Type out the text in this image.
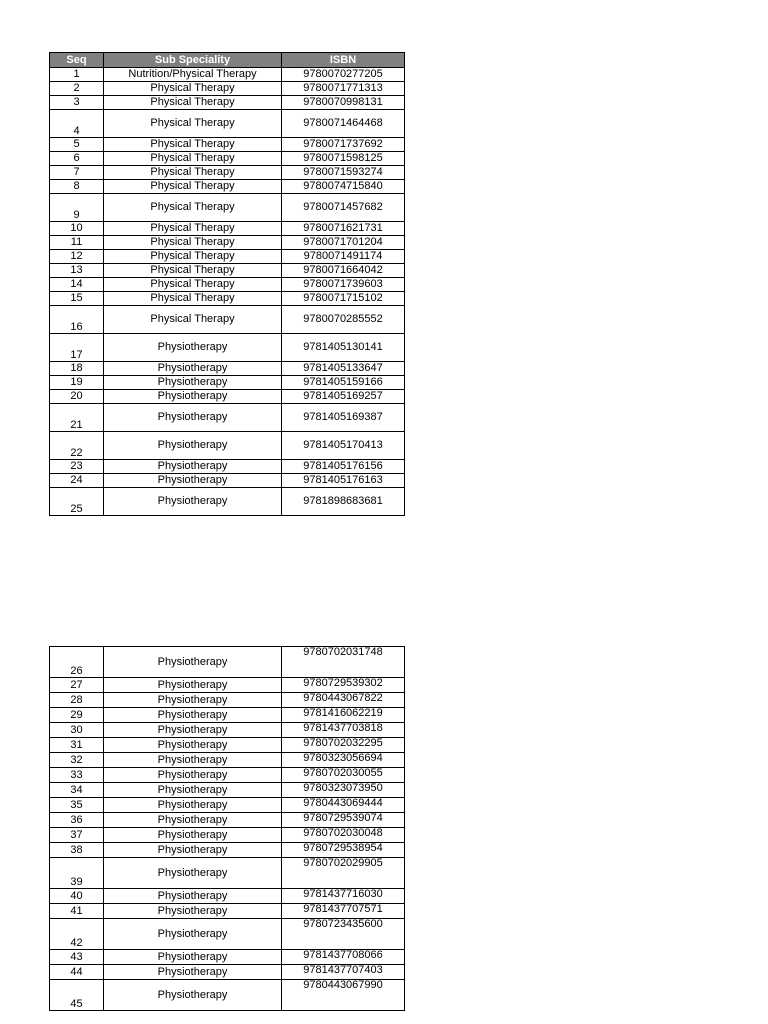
Seq	Sub Speciality	ISBN
1	Nutrition/Physical Therapy	9780070277205
2	Physical Therapy	9780071771313
3	Physical Therapy	9780070998131
4	Physical Therapy	9780071464468
5	Physical Therapy	9780071737692
6	Physical Therapy	9780071598125
7	Physical Therapy	9780071593274
8	Physical Therapy	9780074715840
9	Physical Therapy	9780071457682
10	Physical Therapy	9780071621731
11	Physical Therapy	9780071701204
12	Physical Therapy	9780071491174
13	Physical Therapy	9780071664042
14	Physical Therapy	9780071739603
15	Physical Therapy	9780071715102
16	Physical Therapy	9780070285552
17	Physiotherapy	9781405130141
18	Physiotherapy	9781405133647
19	Physiotherapy	9781405159166
20	Physiotherapy	9781405169257
21	Physiotherapy	9781405169387
22	Physiotherapy	9781405170413
23	Physiotherapy	9781405176156
24	Physiotherapy	9781405176163
25	Physiotherapy	9781898683681
26	Physiotherapy	9780702031748
27	Physiotherapy	9780729539302
28	Physiotherapy	9780443067822
29	Physiotherapy	9781416062219
30	Physiotherapy	9781437703818
31	Physiotherapy	9780702032295
32	Physiotherapy	9780323056694
33	Physiotherapy	9780702030055
34	Physiotherapy	9780323073950
35	Physiotherapy	9780443069444
36	Physiotherapy	9780729539074
37	Physiotherapy	9780702030048
38	Physiotherapy	9780729538954
39	Physiotherapy	9780702029905
40	Physiotherapy	9781437716030
41	Physiotherapy	9781437707571
42	Physiotherapy	9780723435600
43	Physiotherapy	9781437708066
44	Physiotherapy	9781437707403
45	Physiotherapy	9780443067990
